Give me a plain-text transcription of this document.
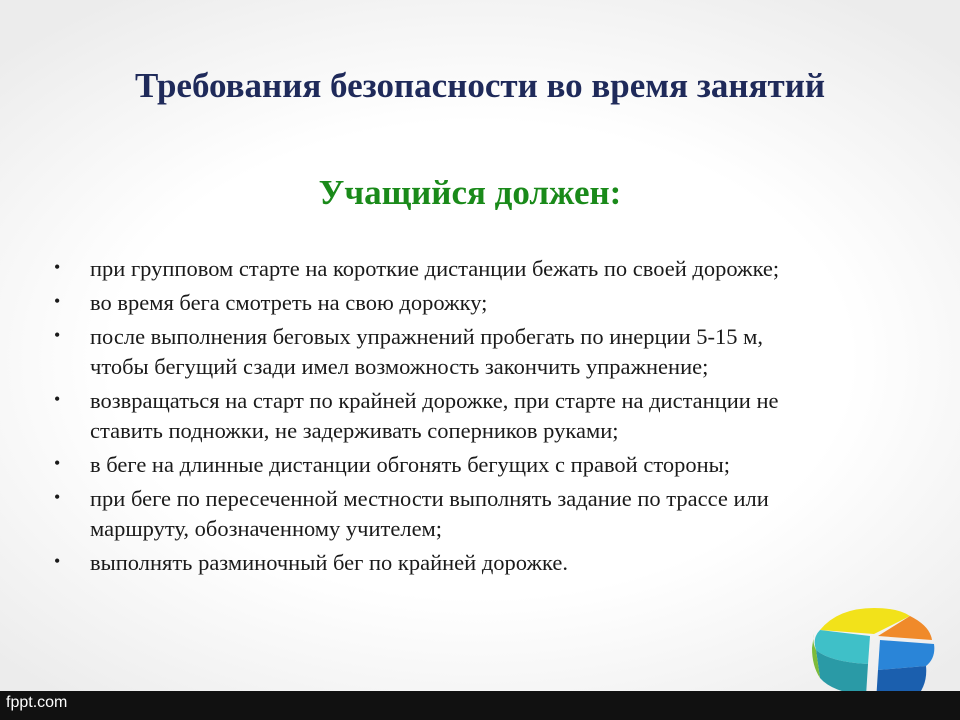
Требования безопасности во время занятий
Учащийся должен:
• при групповом старте на короткие дистанции бежать по своей дорожке;
• во время бега смотреть на свою дорожку;
• после выполнения беговых упражнений пробегать по инерции 5-15 м,
чтобы бегущий сзади имел возможность закончить упражнение;
• возвращаться на старт по крайней дорожке, при старте на дистанции не
ставить подножки, не задерживать соперников руками;
• в беге на длинные дистанции обгонять бегущих с правой стороны;
• при беге по пересеченной местности выполнять задание по трассе или
маршруту, обозначенному учителем;
• выполнять разминочный бег по крайней дорожке.
fppt.com
